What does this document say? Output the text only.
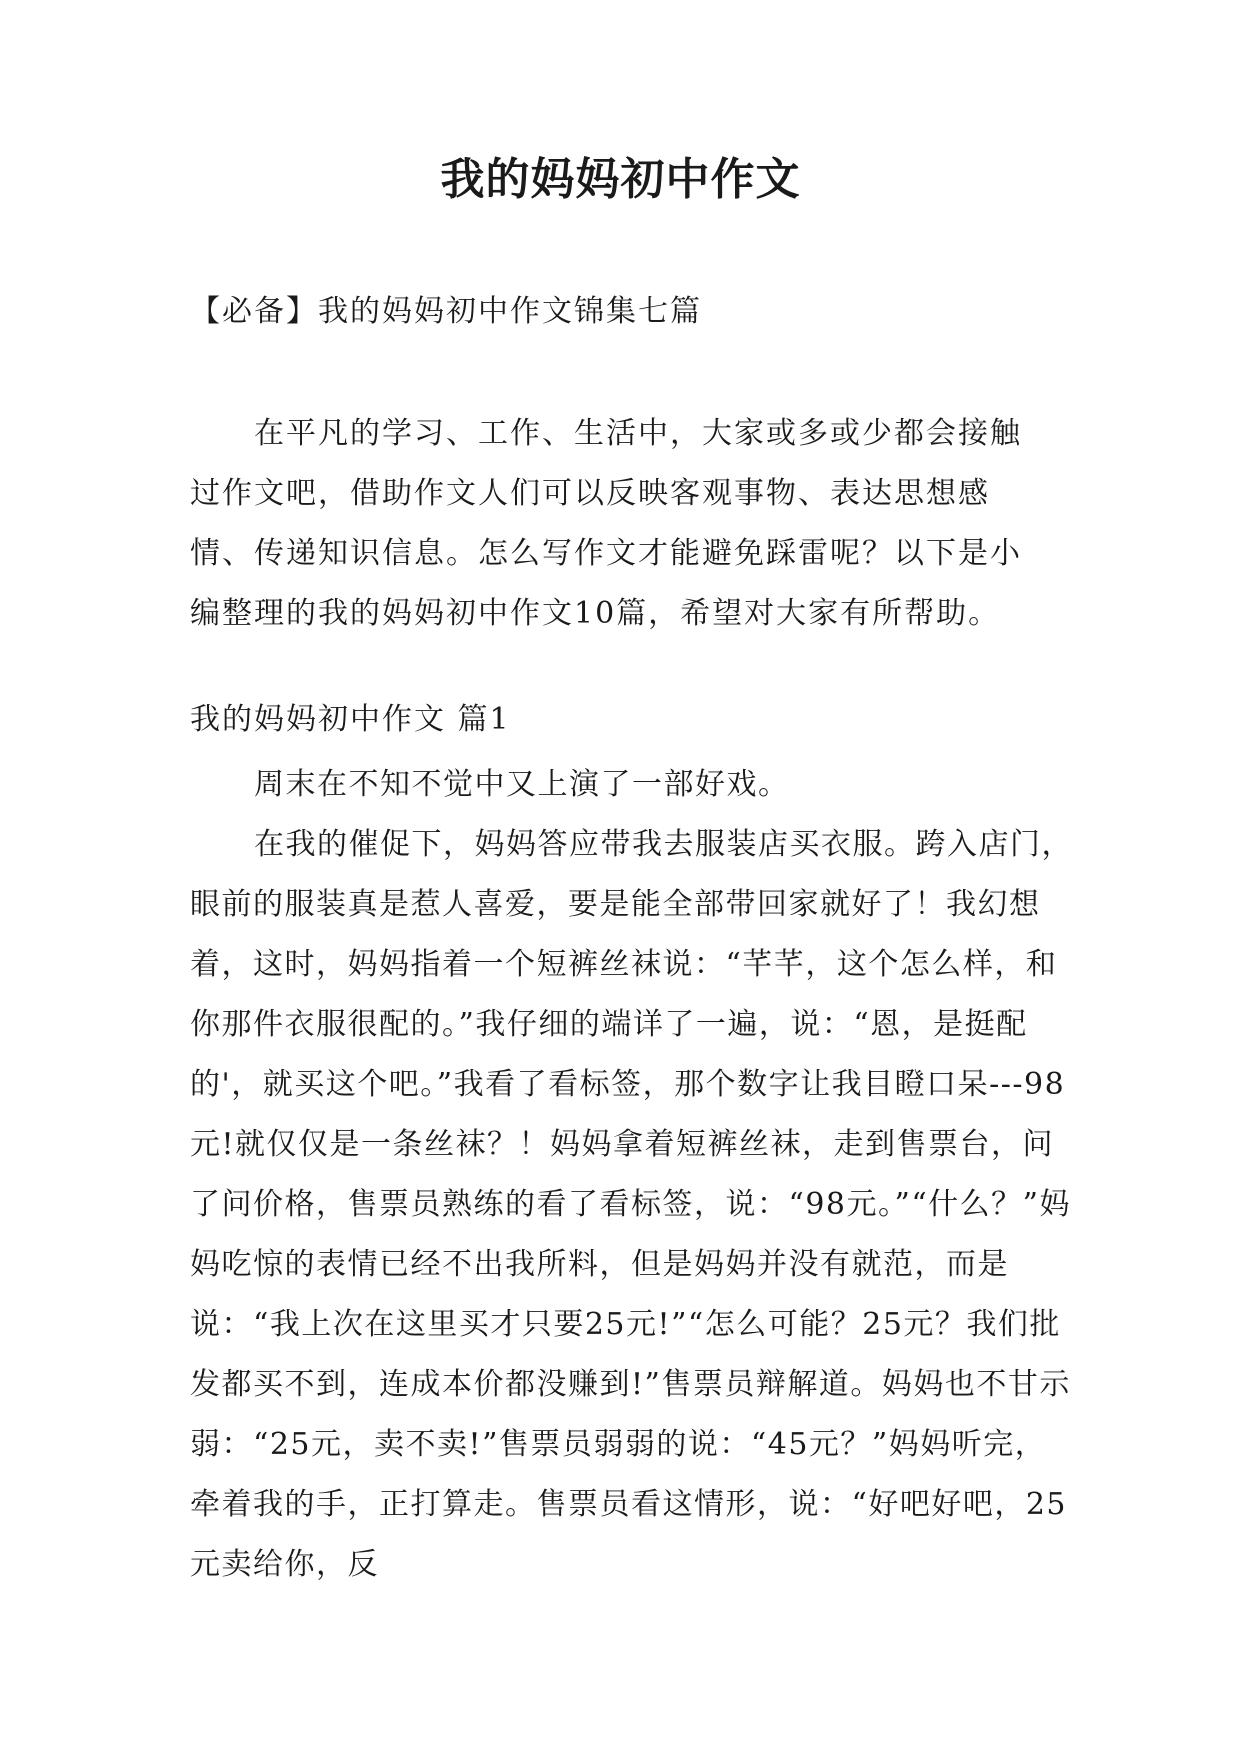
我的妈妈初中作文
【必备】我的妈妈初中作文锦集七篇

在平凡的学习、工作、生活中，大家或多或少都会接触过作文吧，借助作文人们可以反映客观事物、表达思想感情、传递知识信息。怎么写作文才能避免踩雷呢？以下是小编整理的我的妈妈初中作文10篇，希望对大家有所帮助。

我的妈妈初中作文 篇1

周末在不知不觉中又上演了一部好戏。

在我的催促下，妈妈答应带我去服装店买衣服。跨入店门，眼前的服装真是惹人喜爱，要是能全部带回家就好了！我幻想着，这时，妈妈指着一个短裤丝袜说：“芊芊，这个怎么样，和你那件衣服很配的。”我仔细的端详了一遍，说：“恩，是挺配的'，就买这个吧。”我看了看标签，那个数字让我目瞪口呆---98元!就仅仅是一条丝袜？！妈妈拿着短裤丝袜，走到售票台，问了问价格，售票员熟练的看了看标签，说：“98元。”“什么？”妈妈吃惊的表情已经不出我所料，但是妈妈并没有就范，而是说：“我上次在这里买才只要25元!”“怎么可能？25元？我们批发都买不到，连成本价都没赚到!”售票员辩解道。妈妈也不甘示弱：“25元，卖不卖!”售票员弱弱的说：“45元？”妈妈听完，牵着我的手，正打算走。售票员看这情形，说：“好吧好吧，25元卖给你，反
